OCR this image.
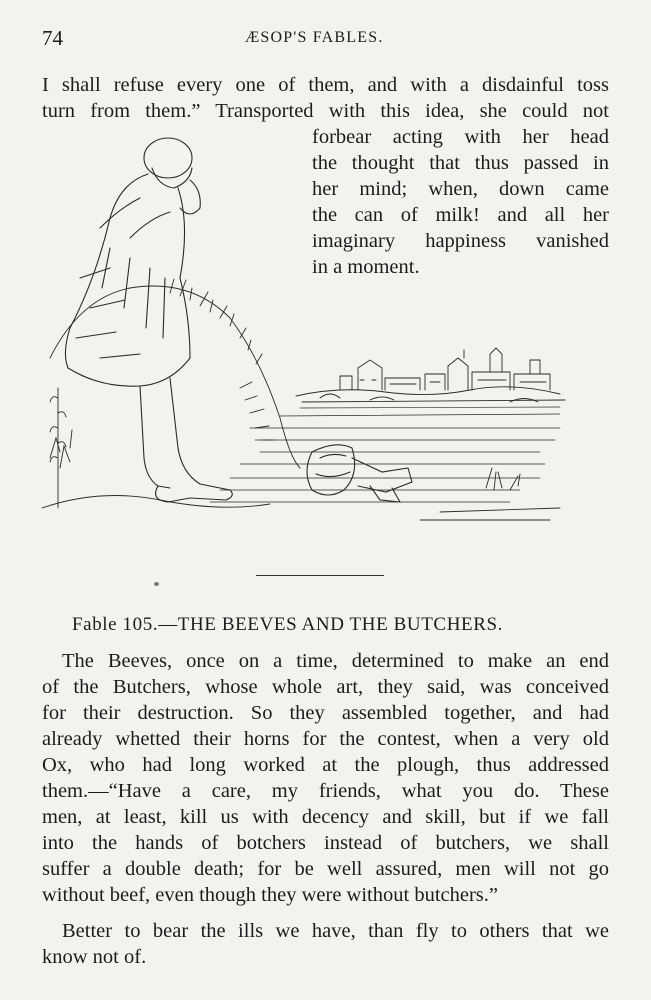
74	ÆSOP'S FABLES.
I shall refuse every one of them, and with a disdainful toss
turn from them.” Transported with this idea, she could not
forbear acting with her head
the thought that thus passed in
her mind; when, down came
the can of milk! and all her
imaginary happiness vanished
in a moment.
Fable 105.—THE BEEVES AND THE BUTCHERS.
The Beeves, once on a time, determined to make an end
of the Butchers, whose whole art, they said, was conceived
for their destruction. So they assembled together, and had
already whetted their horns for the contest, when a very old
Ox, who had long worked at the plough, thus addressed
them.—“Have a care, my friends, what you do. These
men, at least, kill us with decency and skill, but if we fall
into the hands of botchers instead of butchers, we shall
suffer a double death; for be well assured, men will not go
without beef, even though they were without butchers.”
Better to bear the ills we have, than fly to others that we
know not of.
